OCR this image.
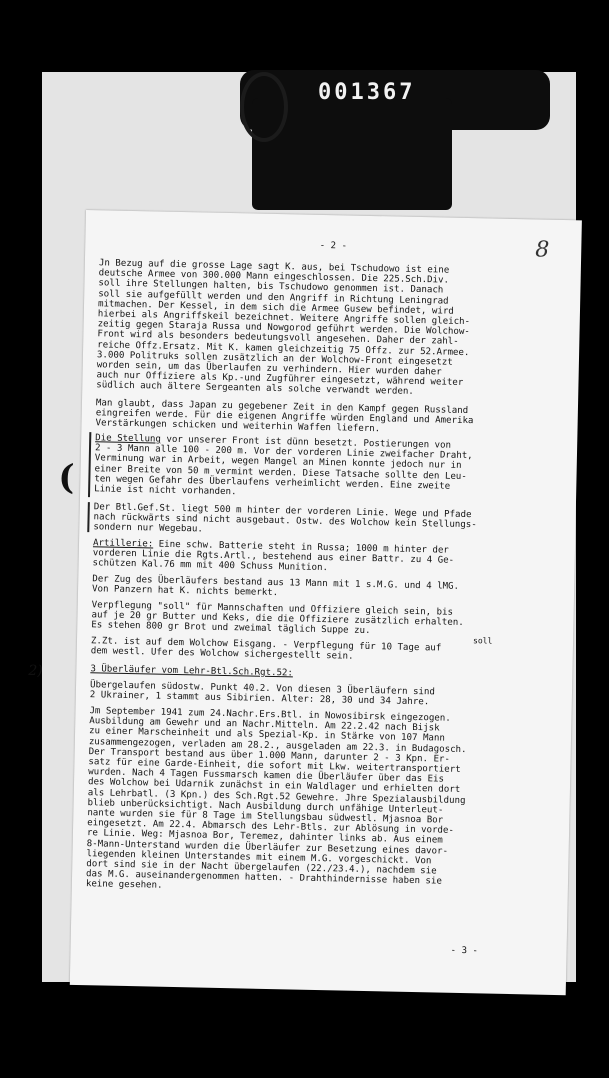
001367
- 2 -	8
Jn Bezug auf die grosse Lage sagt K. aus, bei Tschudowo ist eine
deutsche Armee von 300.000 Mann eingeschlossen. Die 225.Sch.Div.
soll ihre Stellungen halten, bis Tschudowo genommen ist. Danach
soll sie aufgefüllt werden und den Angriff in Richtung Leningrad
mitmachen. Der Kessel, in dem sich die Armee Gusew befindet, wird
hierbei als Angriffskeil bezeichnet. Weitere Angriffe sollen gleich-
zeitig gegen Staraja Russa und Nowgorod geführt werden. Die Wolchow-
Front wird als besonders bedeutungsvoll angesehen. Daher der zahl-
reiche Offz.Ersatz. Mit K. kamen gleichzeitig 75 Offz. zur 52.Armee.
3.000 Politruks sollen zusätzlich an der Wolchow-Front eingesetzt
worden sein, um das Überlaufen zu verhindern. Hier wurden daher
auch nur Offiziere als Kp.-und Zugführer eingesetzt, während weiter
südlich auch ältere Sergeanten als solche verwandt werden.
Man glaubt, dass Japan zu gegebener Zeit in den Kampf gegen Russland
eingreifen werde. Für die eigenen Angriffe würden England und Amerika
Verstärkungen schicken und weiterhin Waffen liefern.
(
Die Stellung vor unserer Front ist dünn besetzt. Postierungen von
2 - 3 Mann alle 100 - 200 m. Vor der vorderen Linie zweifacher Draht,
Verminung war in Arbeit, wegen Mangel an Minen konnte jedoch nur in
einer Breite von 50 m vermint werden. Diese Tatsache sollte den Leu-
ten wegen Gefahr des Überlaufens verheimlicht werden. Eine zweite
Linie ist nicht vorhanden.
Der Btl.Gef.St. liegt 500 m hinter der vorderen Linie. Wege und Pfade
nach rückwärts sind nicht ausgebaut. Ostw. des Wolchow kein Stellungs-
sondern nur Wegebau.
Artillerie: Eine schw. Batterie steht in Russa; 1000 m hinter der
vorderen Linie die Rgts.Artl., bestehend aus einer Battr. zu 4 Ge-
schützen Kal.76 mm mit 400 Schuss Munition.
Der Zug des Überläufers bestand aus 13 Mann mit 1 s.M.G. und 4 lMG.
Von Panzern hat K. nichts bemerkt.
Verpflegung "soll" für Mannschaften und Offiziere gleich sein, bis
auf je 20 gr Butter und Keks, die die Offiziere zusätzlich erhalten.
Es stehen 800 gr Brot und zweimal täglich Suppe zu.
soll
Z.Zt. ist auf dem Wolchow Eisgang. - Verpflegung für 10 Tage auf
dem westl. Ufer des Wolchow sichergestellt sein.
2)	3 Überläufer vom Lehr-Btl.Sch.Rgt.52:
Übergelaufen südostw. Punkt 40.2. Von diesen 3 Überläufern sind
2 Ukrainer, 1 stammt aus Sibirien. Alter: 28, 30 und 34 Jahre.
Jm September 1941 zum 24.Nachr.Ers.Btl. in Nowosibirsk eingezogen.
Ausbildung am Gewehr und an Nachr.Mitteln. Am 22.2.42 nach Bijsk
zu einer Marscheinheit und als Spezial-Kp. in Stärke von 107 Mann
zusammengezogen, verladen am 28.2., ausgeladen am 22.3. in Budagosch.
Der Transport bestand aus über 1.000 Mann, darunter 2 - 3 Kpn. Er-
satz für eine Garde-Einheit, die sofort mit Lkw. weitertransportiert
wurden. Nach 4 Tagen Fussmarsch kamen die Überläufer über das Eis
des Wolchow bei Udarnik zunächst in ein Waldlager und erhielten dort
als Lehrbatl. (3 Kpn.) des Sch.Rgt.52 Gewehre. Jhre Spezialausbildung
blieb unberücksichtigt. Nach Ausbildung durch unfähige Unterleut-
nante wurden sie für 8 Tage im Stellungsbau südwestl. Mjasnoa Bor
eingesetzt. Am 22.4. Abmarsch des Lehr-Btls. zur Ablösung in vorde-
re Linie. Weg: Mjasnoa Bor, Teremez, dahinter links ab. Aus einem
8-Mann-Unterstand wurden die Überläufer zur Besetzung eines davor-
liegenden kleinen Unterstandes mit einem M.G. vorgeschickt. Von
dort sind sie in der Nacht übergelaufen (22./23.4.), nachdem sie
das M.G. auseinandergenommen hatten. - Drahthindernisse haben sie
keine gesehen.
- 3 -
